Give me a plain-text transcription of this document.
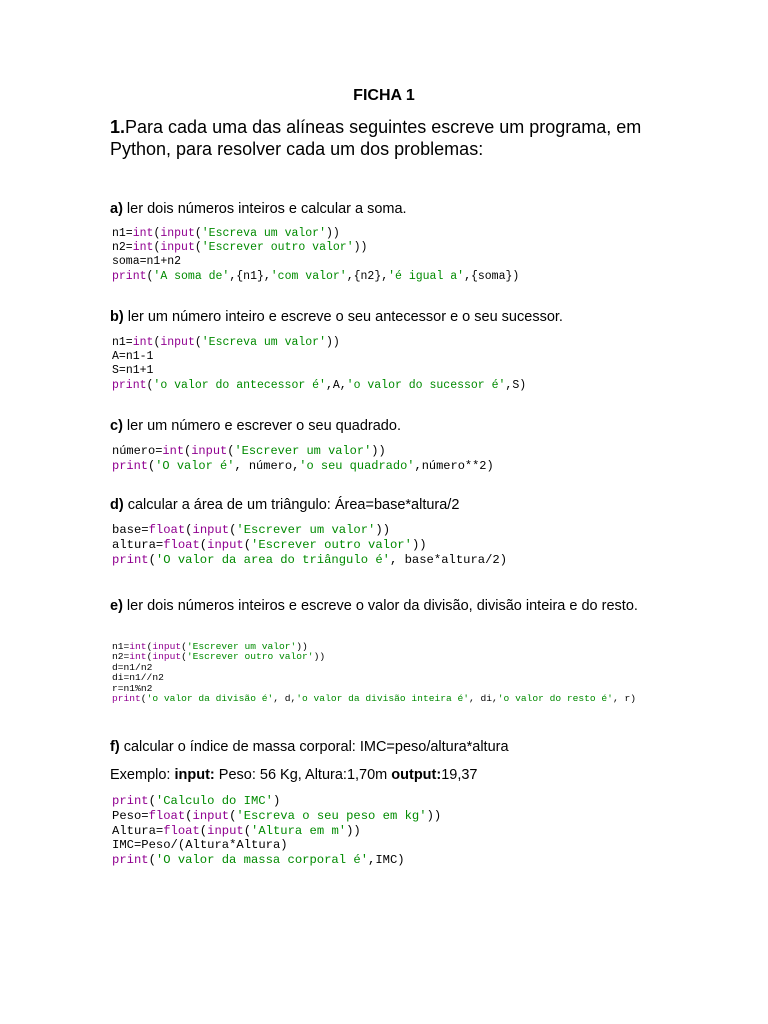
FICHA 1
1.Para cada uma das alíneas seguintes escreve um programa, em Python, para resolver cada um dos problemas:
a) ler dois números inteiros e calcular a soma.
n1=int(input('Escreva um valor'))
n2=int(input('Escrever outro valor'))
soma=n1+n2
print('A soma de',{n1},'com valor',{n2},'é igual a',{soma})
b) ler um número inteiro e escreve o seu antecessor e o seu sucessor.
n1=int(input('Escreva um valor'))
A=n1-1
S=n1+1
print('o valor do antecessor é',A,'o valor do sucessor é',S)
c) ler um número e escrever o seu quadrado.
número=int(input('Escrever um valor'))
print('O valor é', número,'o seu quadrado',número**2)
d) calcular a área de um triângulo: Área=base*altura/2
base=float(input('Escrever um valor'))
altura=float(input('Escrever outro valor'))
print('O valor da area do triângulo é', base*altura/2)
e) ler dois números inteiros e escreve o valor da divisão, divisão inteira e do resto.
n1=int(input('Escrever um valor'))
n2=int(input('Escrever outro valor'))
d=n1/n2
di=n1//n2
r=n1%n2
print('o valor da divisão é', d,'o valor da divisão inteira é', di,'o valor do resto é', r)
f) calcular o índice de massa corporal: IMC=peso/altura*altura
Exemplo: input: Peso: 56 Kg, Altura:1,70m output:19,37
print('Calculo do IMC')
Peso=float(input('Escreva o seu peso em kg'))
Altura=float(input('Altura em m'))
IMC=Peso/(Altura*Altura)
print('O valor da massa corporal é',IMC)
